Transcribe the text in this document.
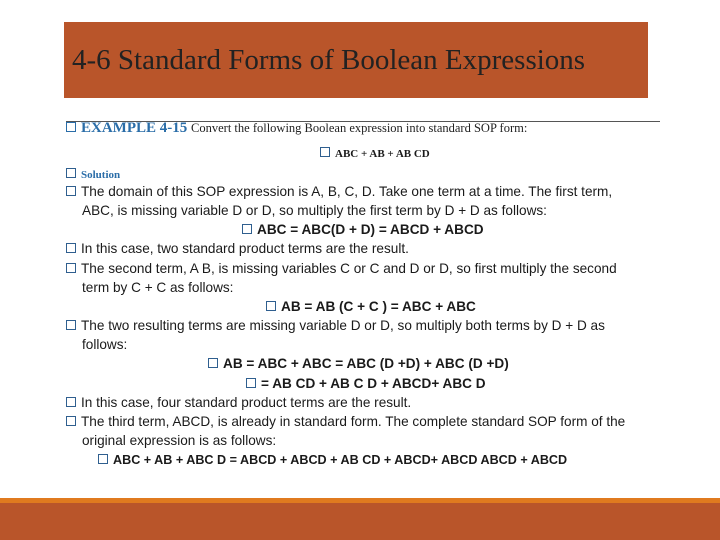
4-6 Standard Forms of Boolean Expressions
EXAMPLE 4-15 Convert the following Boolean expression into standard SOP form:
ABC + AB + AB CD
Solution
The domain of this SOP expression is A, B, C, D. Take one term at a time. The first term,
ABC, is missing variable D or D, so multiply the first term by D + D as follows:
ABC = ABC(D + D) = ABCD + ABCD
In this case, two standard product terms are the result.
The second term, A B, is missing variables C or C and D or D, so first multiply the second
term by C + C as follows:
AB = AB (C + C ) = ABC + ABC
The two resulting terms are missing variable D or D, so multiply both terms by D + D as
follows:
AB = ABC + ABC = ABC (D +D) + ABC (D +D)
= AB CD + AB C D + ABCD+ ABC D
In this case, four standard product terms are the result.
The third term, ABCD, is already in standard form. The complete standard SOP form of the
original expression is as follows:
ABC + AB + ABC D = ABCD + ABCD + AB CD + ABCD+ ABCD ABCD + ABCD
